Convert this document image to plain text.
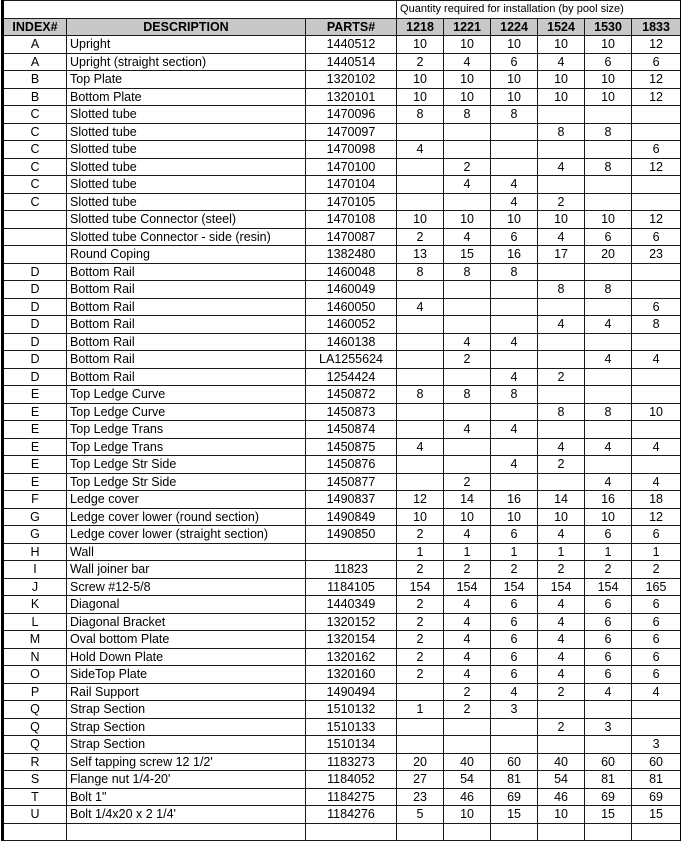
			Quantity required for installation (by pool size)					
INDEX#	DESCRIPTION	PARTS#	1218	1221	1224	1524	1530	1833
A	Upright	1440512	10	10	10	10	10	12
A	Upright (straight section)	1440514	2	4	6	4	6	6
B	Top Plate	1320102	10	10	10	10	10	12
B	Bottom Plate	1320101	10	10	10	10	10	12
C	Slotted tube	1470096	8	8	8			
C	Slotted tube	1470097				8	8	
C	Slotted tube	1470098	4					6
C	Slotted tube	1470100		2		4	8	12
C	Slotted tube	1470104		4	4			
C	Slotted tube	1470105			4	2		
	Slotted tube Connector (steel)	1470108	10	10	10	10	10	12
	Slotted tube Connector - side (resin)	1470087	2	4	6	4	6	6
	Round Coping	1382480	13	15	16	17	20	23
D	Bottom Rail	1460048	8	8	8			
D	Bottom Rail	1460049				8	8	
D	Bottom Rail	1460050	4					6
D	Bottom Rail	1460052				4	4	8
D	Bottom Rail	1460138		4	4			
D	Bottom Rail	LA1255624		2			4	4
D	Bottom Rail	1254424			4	2		
E	Top Ledge Curve	1450872	8	8	8			
E	Top Ledge Curve	1450873				8	8	10
E	Top Ledge Trans	1450874		4	4			
E	Top Ledge Trans	1450875	4			4	4	4
E	Top Ledge Str Side	1450876			4	2		
E	Top Ledge Str Side	1450877		2			4	4
F	Ledge cover	1490837	12	14	16	14	16	18
G	Ledge cover lower (round section)	1490849	10	10	10	10	10	12
G	Ledge cover lower (straight section)	1490850	2	4	6	4	6	6
H	Wall		1	1	1	1	1	1
I	Wall joiner bar	11823	2	2	2	2	2	2
J	Screw #12-5/8	1184105	154	154	154	154	154	165
K	Diagonal	1440349	2	4	6	4	6	6
L	Diagonal Bracket	1320152	2	4	6	4	6	6
M	Oval bottom Plate	1320154	2	4	6	4	6	6
N	Hold Down Plate	1320162	2	4	6	4	6	6
O	SideTop Plate	1320160	2	4	6	4	6	6
P	Rail Support	1490494		2	4	2	4	4
Q	Strap Section	1510132	1	2	3			
Q	Strap Section	1510133				2	3	
Q	Strap Section	1510134						3
R	Self tapping screw 12 1/2'	1183273	20	40	60	40	60	60
S	Flange nut 1/4-20'	1184052	27	54	81	54	81	81
T	Bolt 1"	1184275	23	46	69	46	69	69
U	Bolt 1/4x20 x 2 1/4'	1184276	5	10	15	10	15	15
